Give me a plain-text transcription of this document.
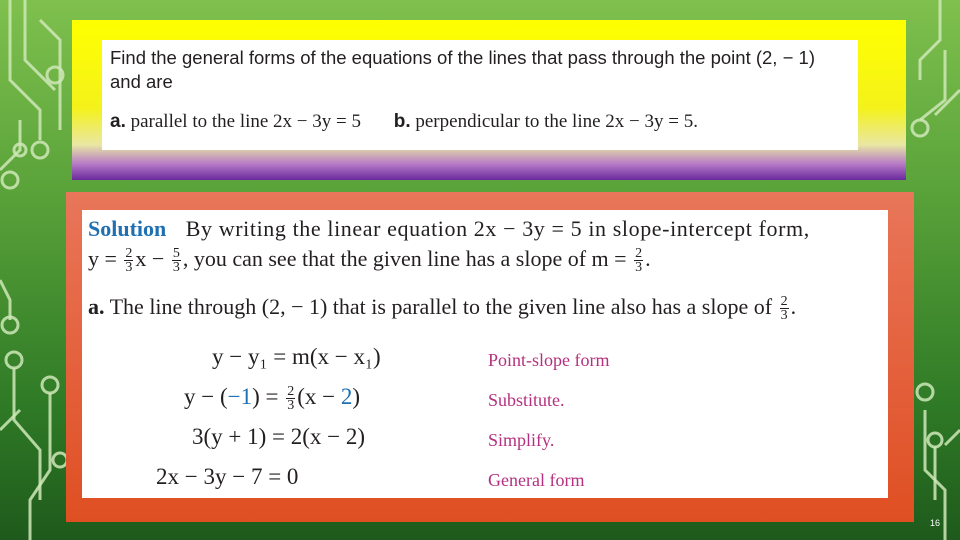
Find the general forms of the equations of the lines that pass through the point (2, − 1)
and are
a. parallel to the line 2x − 3y = 5 b. perpendicular to the line 2x − 3y = 5.
Solution By writing the linear equation 2x − 3y = 5 in slope-intercept form,
$y = \frac{2}{3}$ $x - \frac{5}{3}$ , you can see that the given line has a slope of $m = \frac{2}{3}$ .
a. The line through (2, − 1) that is parallel to the given line also has a slope of $\frac{2}{3}$ .
y − y₁ = m(x − x₁)	Point-slope form
$y - (-1) = \frac{2}{3} (x - 2)$	Substitute.
3(y + 1) = 2(x − 2)	Simplify.
2x − 3y − 7 = 0	General form
16
